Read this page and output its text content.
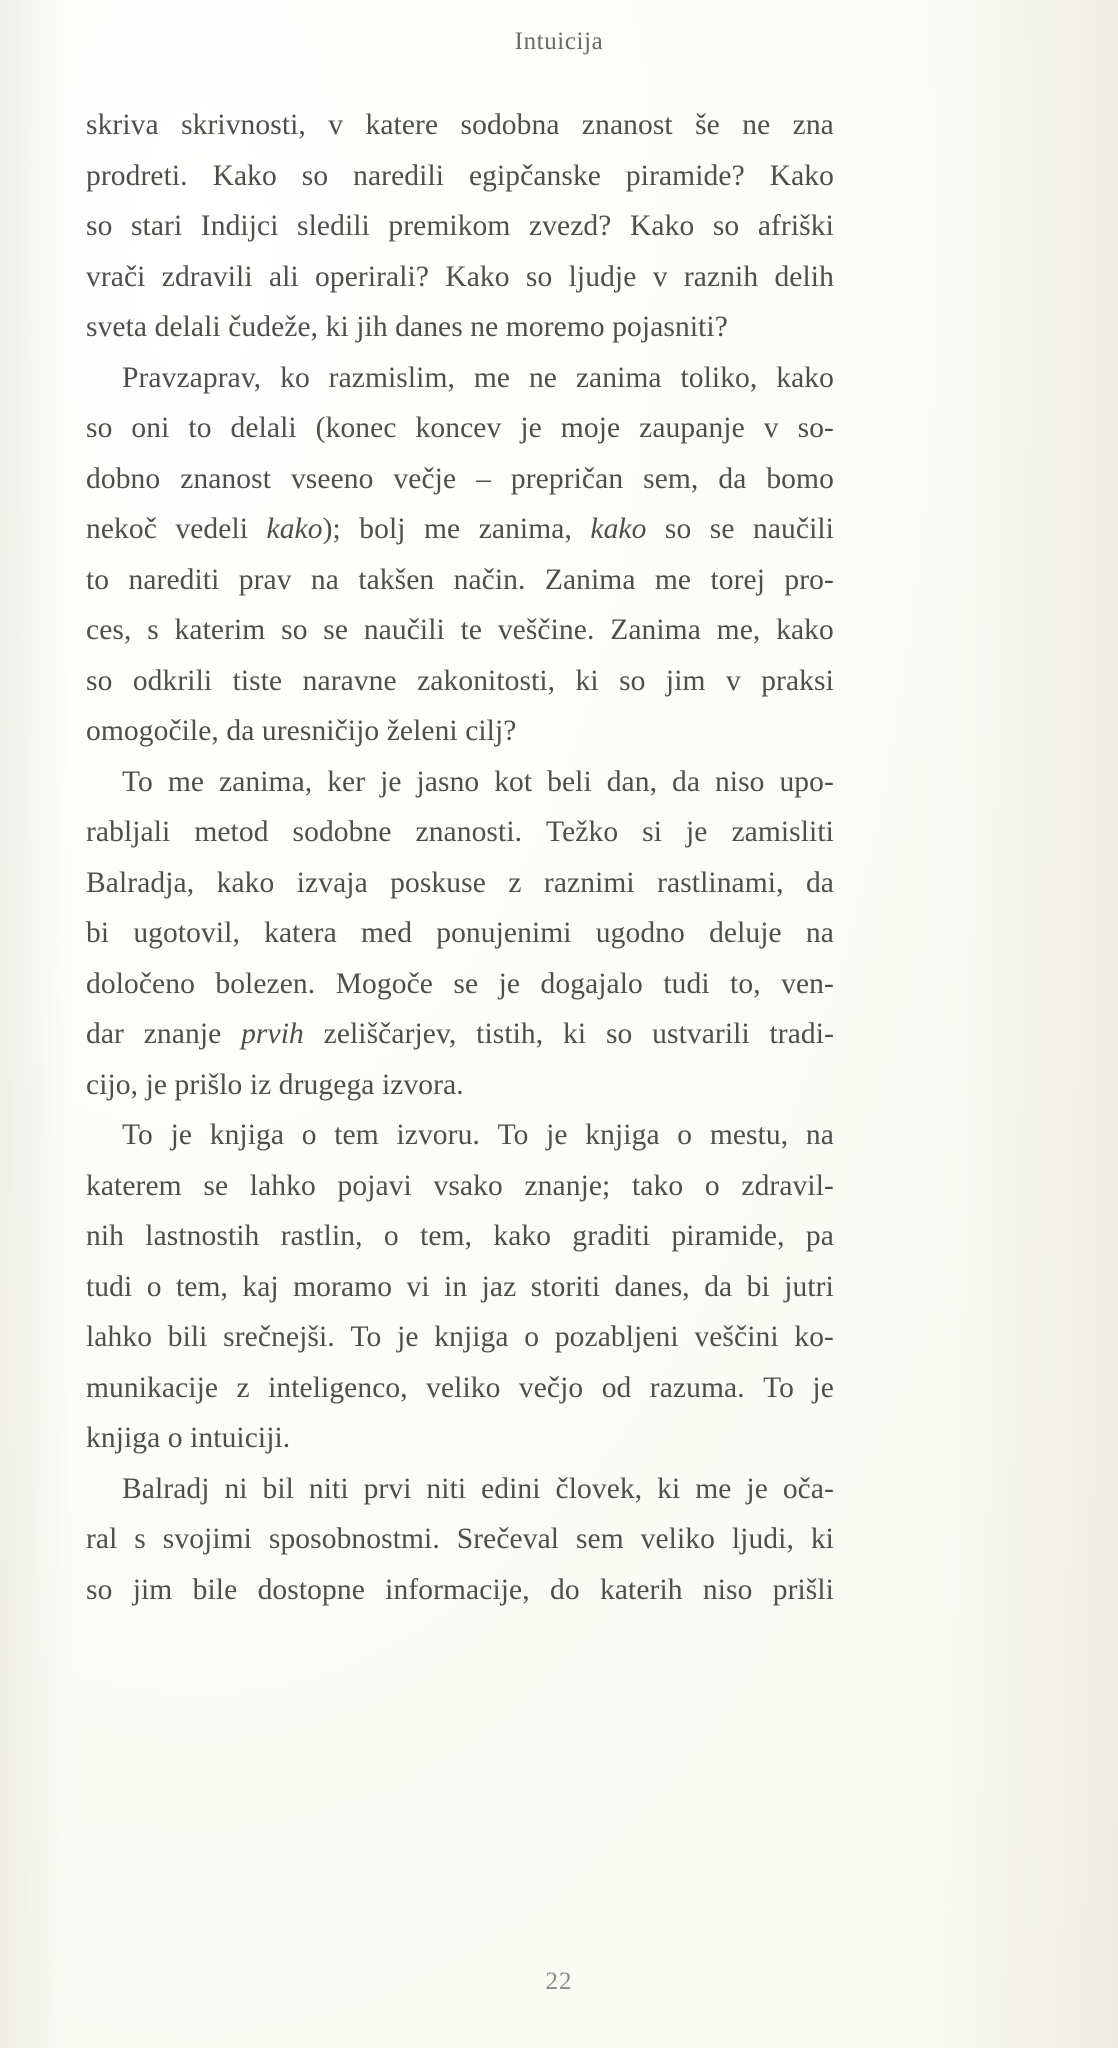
Intuicija
skriva skrivnosti, v katere sodobna znanost še ne zna
prodreti. Kako so naredili egipčanske piramide? Kako
so stari Indijci sledili premikom zvezd? Kako so afriški
vrači zdravili ali operirali? Kako so ljudje v raznih delih
sveta delali čudeže, ki jih danes ne moremo pojasniti?
Pravzaprav, ko razmislim, me ne zanima toliko, kako
so oni to delali (konec koncev je moje zaupanje v so-
dobno znanost vseeno večje – prepričan sem, da bomo
nekoč vedeli kako); bolj me zanima, kako so se naučili
to narediti prav na takšen način. Zanima me torej pro-
ces, s katerim so se naučili te veščine. Zanima me, kako
so odkrili tiste naravne zakonitosti, ki so jim v praksi
omogočile, da uresničijo želeni cilj?
To me zanima, ker je jasno kot beli dan, da niso upo-
rabljali metod sodobne znanosti. Težko si je zamisliti
Balradja, kako izvaja poskuse z raznimi rastlinami, da
bi ugotovil, katera med ponujenimi ugodno deluje na
določeno bolezen. Mogoče se je dogajalo tudi to, ven-
dar znanje prvih zeliščarjev, tistih, ki so ustvarili tradi-
cijo, je prišlo iz drugega izvora.
To je knjiga o tem izvoru. To je knjiga o mestu, na
katerem se lahko pojavi vsako znanje; tako o zdravil-
nih lastnostih rastlin, o tem, kako graditi piramide, pa
tudi o tem, kaj moramo vi in jaz storiti danes, da bi jutri
lahko bili srečnejši. To je knjiga o pozabljeni veščini ko-
munikacije z inteligenco, veliko večjo od razuma. To je
knjiga o intuiciji.
Balradj ni bil niti prvi niti edini človek, ki me je oča-
ral s svojimi sposobnostmi. Srečeval sem veliko ljudi, ki
so jim bile dostopne informacije, do katerih niso prišli
22
